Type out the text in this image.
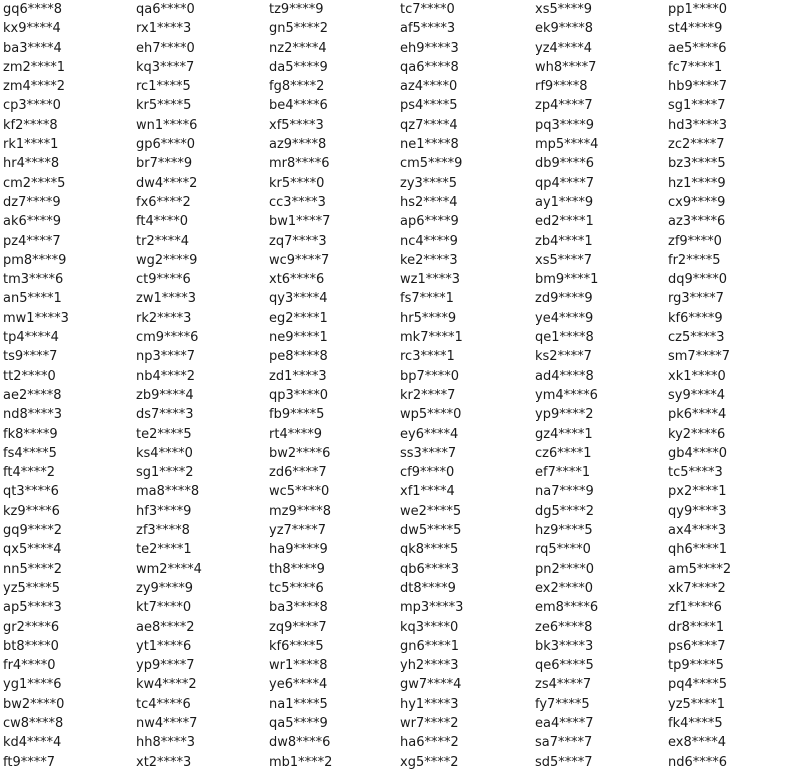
gq6****8
kx9****4
ba3****4
zm2****1
zm4****2
cp3****0
kf2****8
rk1****1
hr4****8
cm2****5
dz7****9
ak6****9
pz4****7
pm8****9
tm3****6
an5****1
mw1****3
tp4****4
ts9****7
tt2****0
ae2****8
nd8****3
fk8****9
fs4****5
ft4****2
qt3****6
kz9****6
gq9****2
qx5****4
nn5****2
yz5****5
ap5****3
gr2****6
bt8****0
fr4****0
yg1****6
bw2****0
cw8****8
kd4****4
ft9****7
qa6****0
rx1****3
eh7****0
kq3****7
rc1****5
kr5****5
wn1****6
gp6****0
br7****9
dw4****2
fx6****2
ft4****0
tr2****4
wg2****9
ct9****6
zw1****3
rk2****3
cm9****6
np3****7
nb4****2
zb9****4
ds7****3
te2****5
ks4****0
sg1****2
ma8****8
hf3****9
zf3****8
te2****1
wm2****4
zy9****9
kt7****0
ae8****2
yt1****6
yp9****7
kw4****2
tc4****6
nw4****7
hh8****3
xt2****3
tz9****9
gn5****2
nz2****4
da5****9
fg8****2
be4****6
xf5****3
az9****8
mr8****6
kr5****0
cc3****3
bw1****7
zq7****3
wc9****7
xt6****6
qy3****4
eg2****1
ne9****1
pe8****8
zd1****3
qp3****0
fb9****5
rt4****9
bw2****6
zd6****7
wc5****0
mz9****8
yz7****7
ha9****9
th8****9
tc5****6
ba3****8
zq9****7
kf6****5
wr1****8
ye6****4
na1****5
qa5****9
dw8****6
mb1****2
tc7****0
af5****3
eh9****3
qa6****8
az4****0
ps4****5
qz7****4
ne1****8
cm5****9
zy3****5
hs2****4
ap6****9
nc4****9
ke2****3
wz1****3
fs7****1
hr5****9
mk7****1
rc3****1
bp7****0
kr2****7
wp5****0
ey6****4
ss3****7
cf9****0
xf1****4
we2****5
dw5****5
qk8****5
qb6****3
dt8****9
mp3****3
kq3****0
gn6****1
yh2****3
gw7****4
hy1****3
wr7****2
ha6****2
xg5****2
xs5****9
ek9****8
yz4****4
wh8****7
rf9****8
zp4****7
pq3****9
mp5****4
db9****6
qp4****7
ay1****9
ed2****1
zb4****1
xs5****7
bm9****1
zd9****9
ye4****9
qe1****8
ks2****7
ad4****8
ym4****6
yp9****2
gz4****1
cz6****1
ef7****1
na7****9
dg5****2
hz9****5
rq5****0
pn2****0
ex2****0
em8****6
ze6****8
bk3****3
qe6****5
zs4****7
fy7****5
ea4****7
sa7****7
sd5****7
pp1****0
st4****9
ae5****6
fc7****1
hb9****7
sg1****7
hd3****3
zc2****7
bz3****5
hz1****9
cx9****9
az3****6
zf9****0
fr2****5
dq9****0
rg3****7
kf6****9
cz5****3
sm7****7
xk1****0
sy9****4
pk6****4
ky2****6
gb4****0
tc5****3
px2****1
qy9****3
ax4****3
qh6****1
am5****2
xk7****2
zf1****6
dr8****1
ps6****7
tp9****5
pq4****5
yz5****1
fk4****5
ex8****4
nd6****6
